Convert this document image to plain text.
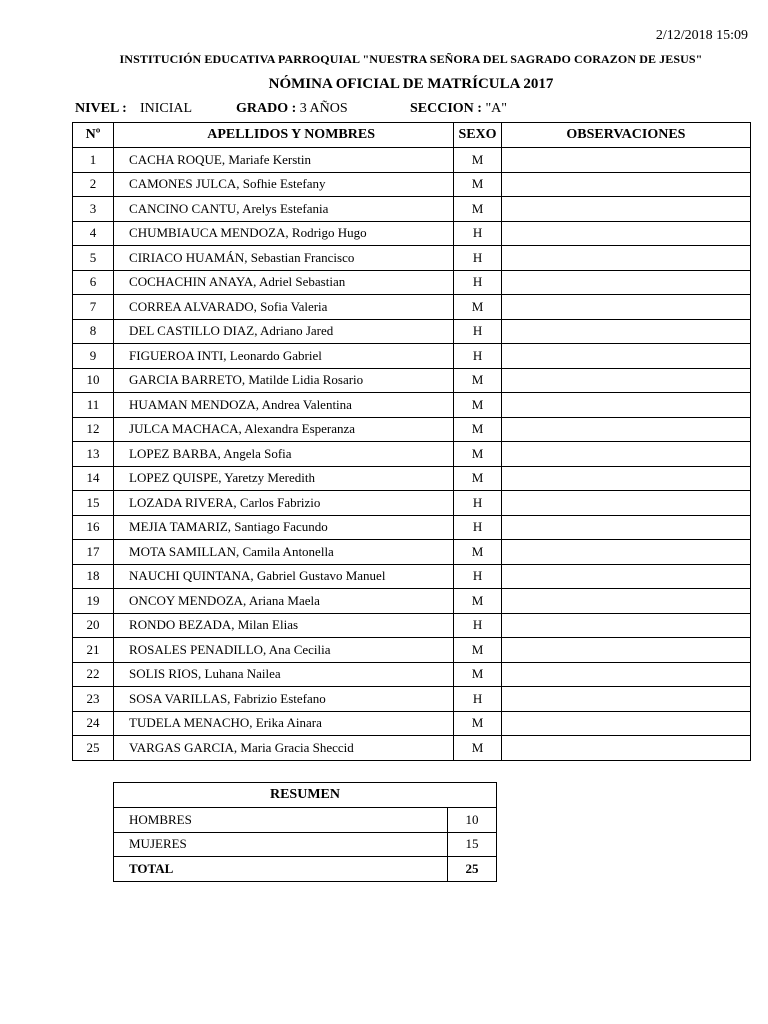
2/12/2018 15:09
INSTITUCIÓN EDUCATIVA PARROQUIAL "NUESTRA SEÑORA DEL SAGRADO CORAZON DE JESUS"
NÓMINA OFICIAL DE MATRÍCULA 2017
NIVEL : INICIAL	GRADO : 3 AÑOS	SECCION : "A"
Nº	APELLIDOS Y NOMBRES	SEXO	OBSERVACIONES
1	CACHA ROQUE, Mariafe Kerstin	M	
2	CAMONES JULCA, Sofhie Estefany	M	
3	CANCINO CANTU, Arelys Estefania	M	
4	CHUMBIAUCA MENDOZA, Rodrigo Hugo	H	
5	CIRIACO HUAMÁN, Sebastian Francisco	H	
6	COCHACHIN ANAYA, Adriel Sebastian	H	
7	CORREA ALVARADO, Sofia Valeria	M	
8	DEL CASTILLO DIAZ, Adriano Jared	H	
9	FIGUEROA INTI, Leonardo Gabriel	H	
10	GARCIA BARRETO, Matilde Lidia Rosario	M	
11	HUAMAN MENDOZA, Andrea Valentina	M	
12	JULCA MACHACA, Alexandra Esperanza	M	
13	LOPEZ BARBA, Angela Sofia	M	
14	LOPEZ QUISPE, Yaretzy Meredith	M	
15	LOZADA RIVERA, Carlos Fabrizio	H	
16	MEJIA TAMARIZ, Santiago Facundo	H	
17	MOTA SAMILLAN, Camila Antonella	M	
18	NAUCHI QUINTANA, Gabriel Gustavo Manuel	H	
19	ONCOY MENDOZA, Ariana Maela	M	
20	RONDO BEZADA, Milan Elias	H	
21	ROSALES PENADILLO, Ana Cecilia	M	
22	SOLIS RIOS, Luhana Nailea	M	
23	SOSA VARILLAS, Fabrizio Estefano	H	
24	TUDELA MENACHO, Erika Ainara	M	
25	VARGAS GARCIA, Maria Gracia Sheccid	M	
RESUMEN	
HOMBRES	10
MUJERES	15
TOTAL	25
